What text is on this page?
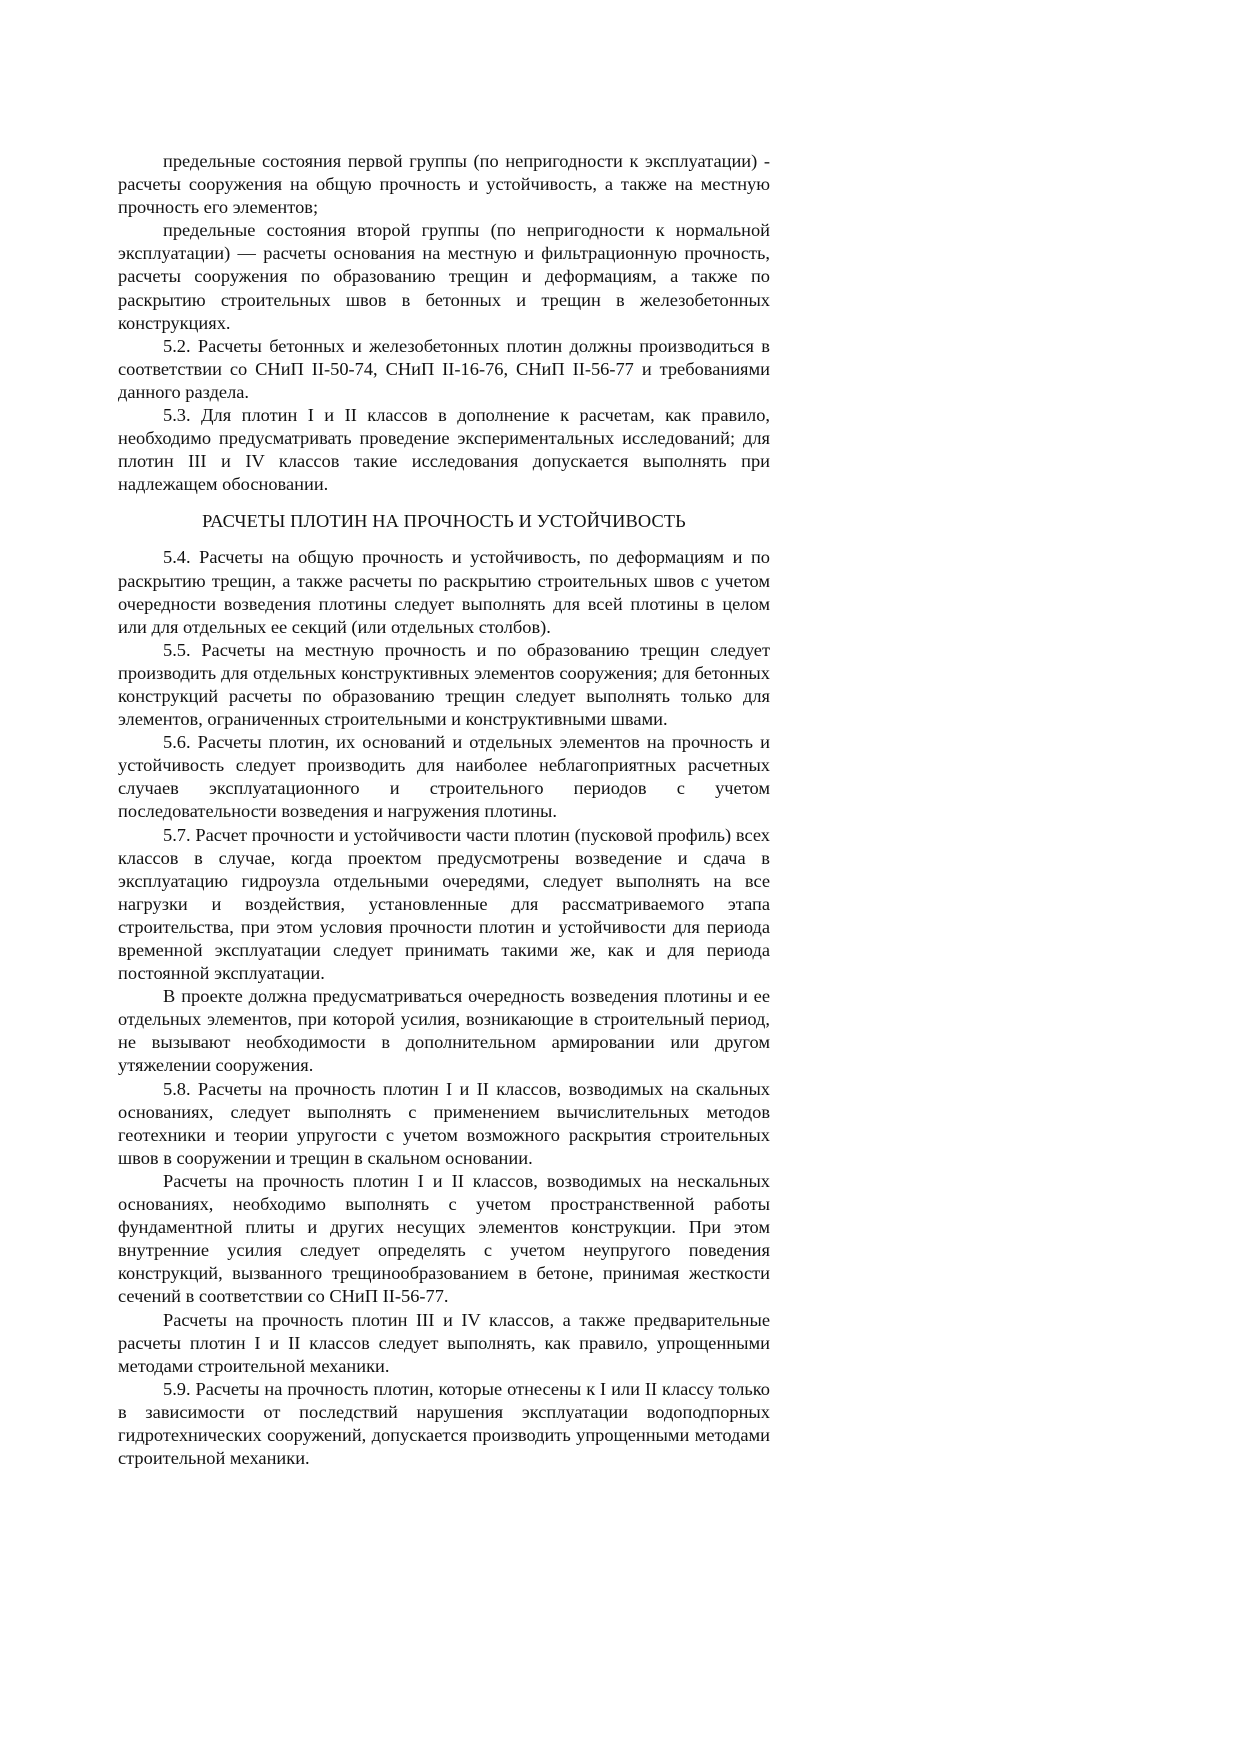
предельные состояния первой группы (по непригодности к эксплуатации) - расчеты сооружения на общую прочность и устойчивость, а также на местную прочность его элементов;

предельные состояния второй группы (по непригодности к нормальной эксплуатации) — расчеты основания на местную и фильтрационную прочность, расчеты сооружения по образованию трещин и деформациям, а также по раскрытию строительных швов в бетонных и трещин в железобетонных конструкциях.

5.2. Расчеты бетонных и железобетонных плотин должны производиться в соответствии со СНиП II-50-74, СНиП II-16-76, СНиП II-56-77 и требованиями данного раздела.

5.3. Для плотин I и II классов в дополнение к расчетам, как правило, необходимо предусматривать проведение экспериментальных исследований; для плотин III и IV классов такие исследования допускается выполнять при надлежащем обосновании.

РАСЧЕТЫ ПЛОТИН НА ПРОЧНОСТЬ И УСТОЙЧИВОСТЬ

5.4. Расчеты на общую прочность и устойчивость, по деформациям и по раскрытию трещин, а также расчеты по раскрытию строительных швов с учетом очередности возведения плотины следует выполнять для всей плотины в целом или для отдельных ее секций (или отдельных столбов).

5.5. Расчеты на местную прочность и по образованию трещин следует производить для отдельных конструктивных элементов сооружения; для бетонных конструкций расчеты по образованию трещин следует выполнять только для элементов, ограниченных строительными и конструктивными швами.

5.6. Расчеты плотин, их оснований и отдельных элементов на прочность и устойчивость следует производить для наиболее неблагоприятных расчетных случаев эксплуатационного и строительного периодов с учетом последовательности возведения и нагружения плотины.

5.7. Расчет прочности и устойчивости части плотин (пусковой профиль) всех классов в случае, когда проектом предусмотрены возведение и сдача в эксплуатацию гидроузла отдельными очередями, следует выполнять на все нагрузки и воздействия, установленные для рассматриваемого этапа строительства, при этом условия прочности плотин и устойчивости для периода временной эксплуатации следует принимать такими же, как и для периода постоянной эксплуатации.

В проекте должна предусматриваться очередность возведения плотины и ее отдельных элементов, при которой усилия, возникающие в строительный период, не вызывают необходимости в дополнительном армировании или другом утяжелении сооружения.

5.8. Расчеты на прочность плотин I и II классов, возводимых на скальных основаниях, следует выполнять с применением вычислительных методов геотехники и теории упругости с учетом возможного раскрытия строительных швов в сооружении и трещин в скальном основании.

Расчеты на прочность плотин I и II классов, возводимых на нескальных основаниях, необходимо выполнять с учетом пространственной работы фундаментной плиты и других несущих элементов конструкции. При этом внутренние усилия следует определять с учетом неупругого поведения конструкций, вызванного трещинообразованием в бетоне, принимая жесткости сечений в соответствии со СНиП II-56-77.

Расчеты на прочность плотин III и IV классов, а также предварительные расчеты плотин I и II классов следует выполнять, как правило, упрощенными методами строительной механики.

5.9. Расчеты на прочность плотин, которые отнесены к I или II классу только в зависимости от последствий нарушения эксплуатации водоподпорных гидротехнических сооружений, допускается производить упрощенными методами строительной механики.
